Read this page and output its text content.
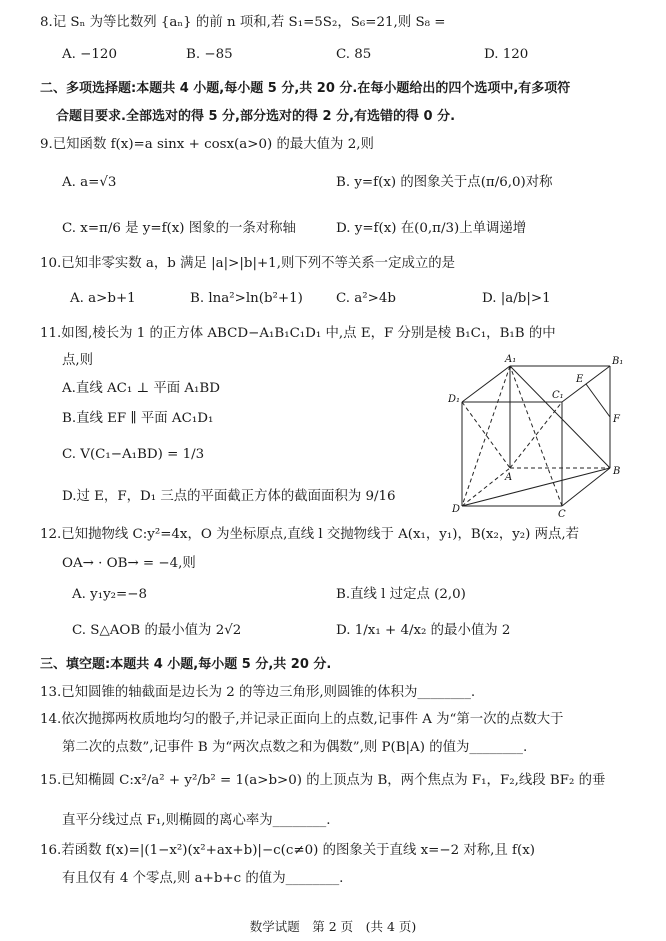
8.记 Sₙ 为等比数列 {aₙ} 的前 n 项和,若 S₁=5S₂，S₆=21,则 S₈ =
A. −120	B. −85	C. 85	D. 120
二、多项选择题:本题共 4 小题,每小题 5 分,共 20 分.在每小题给出的四个选项中,有多项符
合题目要求.全部选对的得 5 分,部分选对的得 2 分,有选错的得 0 分.
9.已知函数 f(x)=a sinx + cosx(a>0) 的最大值为 2,则
A. a=√3	B. y=f(x) 的图象关于点(π/6,0)对称
C. x=π/6 是 y=f(x) 图象的一条对称轴	D. y=f(x) 在(0,π/3)上单调递增
10.已知非零实数 a，b 满足 |a|>|b|+1,则下列不等关系一定成立的是
A. a>b+1	B. lna²>ln(b²+1) C. a²>4b	D. |a/b|>1
11.如图,棱长为 1 的正方体 ABCD−A₁B₁C₁D₁ 中,点 E，F 分别是棱 B₁C₁，B₁B 的中
点,则
A.直线 AC₁ ⊥ 平面 A₁BD
B.直线 EF ∥ 平面 AC₁D₁
C. V(C₁−A₁BD) = 1/3
D.过 E，F，D₁ 三点的平面截正方体的截面面积为 9/16
A₁	B₁
C₁
D₁
E
F
A
B
C
D
12.已知抛物线 C:y²=4x，O 为坐标原点,直线 l 交抛物线于 A(x₁，y₁)，B(x₂，y₂) 两点,若
OA→ · OB→ = −4,则
A. y₁y₂=−8	B.直线 l 过定点 (2,0)
C. S△AOB 的最小值为 2√2	D. 1/x₁ + 4/x₂ 的最小值为 2
三、填空题:本题共 4 小题,每小题 5 分,共 20 分.
13.已知圆锥的轴截面是边长为 2 的等边三角形,则圆锥的体积为________.
14.依次抛掷两枚质地均匀的骰子,并记录正面向上的点数,记事件 A 为“第一次的点数大于
第二次的点数”,记事件 B 为“两次点数之和为偶数”,则 P(B|A) 的值为________.
15.已知椭圆 C:x²/a² + y²/b² = 1(a>b>0) 的上顶点为 B，两个焦点为 F₁，F₂,线段 BF₂ 的垂
直平分线过点 F₁,则椭圆的离心率为________.
16.若函数 f(x)=|(1−x²)(x²+ax+b)|−c(c≠0) 的图象关于直线 x=−2 对称,且 f(x)
有且仅有 4 个零点,则 a+b+c 的值为________.
数学试题　第 2 页　(共 4 页)
